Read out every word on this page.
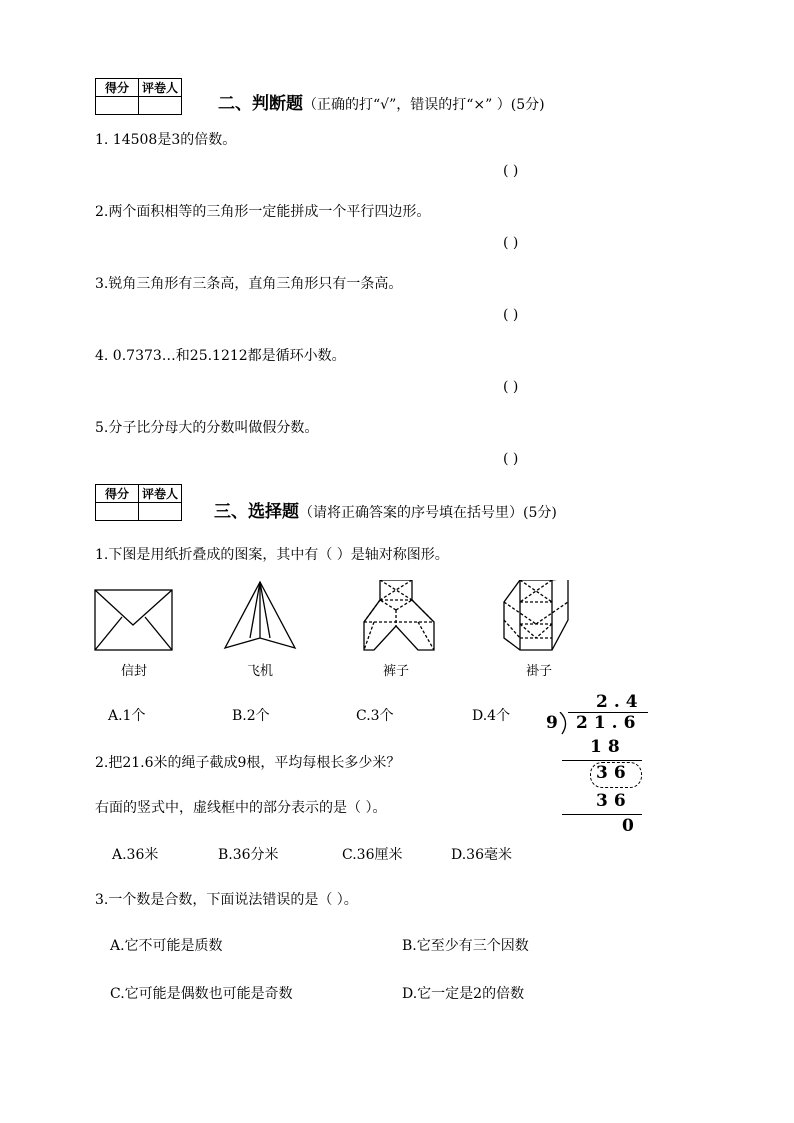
得分	评卷人

二、判断题（正确的打“√”，错误的打“×” ）(5分)
1. 14508是3的倍数。
( )
2.两个面积相等的三角形一定能拼成一个平行四边形。
( )
3.锐角三角形有三条高，直角三角形只有一条高。
( )
4. 0.7373…和25.1212都是循环小数。
( )
5.分子比分母大的分数叫做假分数。
( )
得分	评卷人

三、选择题（请将正确答案的序号填在括号里）(5分)
1.下图是用纸折叠成的图案，其中有（ ）是轴对称图形。
信封	飞机	裤子	褂子
A.1个	B.2个	C.3个	D.4个
2.把21.6米的绳子截成9根，平均每根长多少米？
右面的竖式中，虚线框中的部分表示的是（ ）。
A.36米	B.36分米	C.36厘米	D.36毫米
2.4
9 21.6
18
36
36
0
3.一个数是合数，下面说法错误的是（ ）。
A.它不可能是质数	B.它至少有三个因数
C.它可能是偶数也可能是奇数	D.它一定是2的倍数
